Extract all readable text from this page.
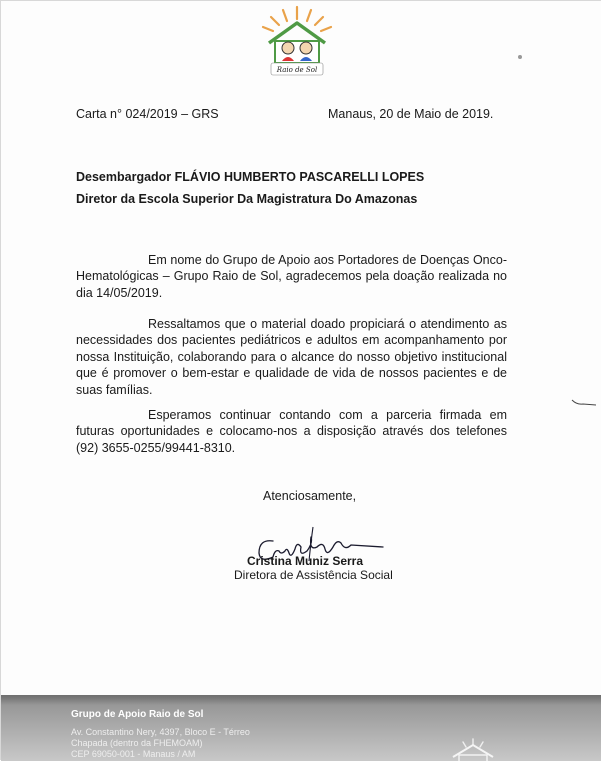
Raio de Sol
Carta n° 024/2019 – GRS	Manaus, 20 de Maio de 2019.
Desembargador FLÁVIO HUMBERTO PASCARELLI LOPES
Diretor da Escola Superior Da Magistratura Do Amazonas
Em nome do Grupo de Apoio aos Portadores de Doenças Onco-Hematológicas – Grupo Raio de Sol, agradecemos pela doação realizada no dia 14/05/2019.
Ressaltamos que o material doado propiciará o atendimento as necessidades dos pacientes pediátricos e adultos em acompanhamento por nossa Instituição, colaborando para o alcance do nosso objetivo institucional que é promover o bem-estar e qualidade de vida de nossos pacientes e de suas famílias.
Esperamos continuar contando com a parceria firmada em futuras oportunidades e colocamo-nos a disposição através dos telefones (92) 3655-0255/99441-8310.
Atenciosamente,
Cristina Muniz Serra
Diretora de Assistência Social
Grupo de Apoio Raio de Sol
Av. Constantino Nery, 4397, Bloco E - Térreo
Chapada (dentro da FHEMOAM)
CEP 69050-001 - Manaus / AM
